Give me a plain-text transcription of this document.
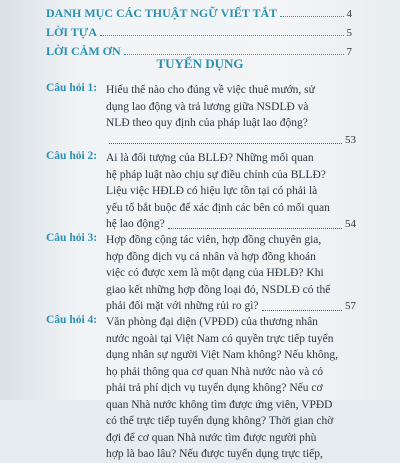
DANH MỤC CÁC THUẬT NGỮ VIẾT TẮT	4
LỜI TỰA	5
LỜI CẢM ƠN	7
TUYỂN DỤNG
Câu hỏi 1: Hiểu thế nào cho đúng về việc thuê mướn, sử
dụng lao động và trả lương giữa NSDLĐ và
NLĐ theo quy định của pháp luật lao động?
53
Câu hỏi 2: Ai là đối tượng của BLLĐ? Những mối quan
hệ pháp luật nào chịu sự điều chỉnh của BLLĐ?
Liệu việc HĐLĐ có hiệu lực tồn tại có phải là
yếu tố bắt buộc để xác định các bên có mối quan
hệ lao động?	54
Câu hỏi 3: Hợp đồng cộng tác viên, hợp đồng chuyên gia,
hợp đồng dịch vụ cá nhân và hợp đồng khoán
việc có được xem là một dạng của HĐLĐ? Khi
giao kết những hợp đồng loại đó, NSDLĐ có thể
phải đối mặt với những rủi ro gì?	57
Câu hỏi 4: Văn phòng đại diện (VPĐD) của thương nhân
nước ngoài tại Việt Nam có quyền trực tiếp tuyển
dụng nhân sự người Việt Nam không? Nếu không,
họ phải thông qua cơ quan Nhà nước nào và có
phải trả phí dịch vụ tuyển dụng không? Nếu cơ
quan Nhà nước không tìm được ứng viên, VPĐD
có thể trực tiếp tuyển dụng không? Thời gian chờ
đợi để cơ quan Nhà nước tìm được người phù
hợp là bao lâu? Nếu được tuyển dụng trực tiếp,
